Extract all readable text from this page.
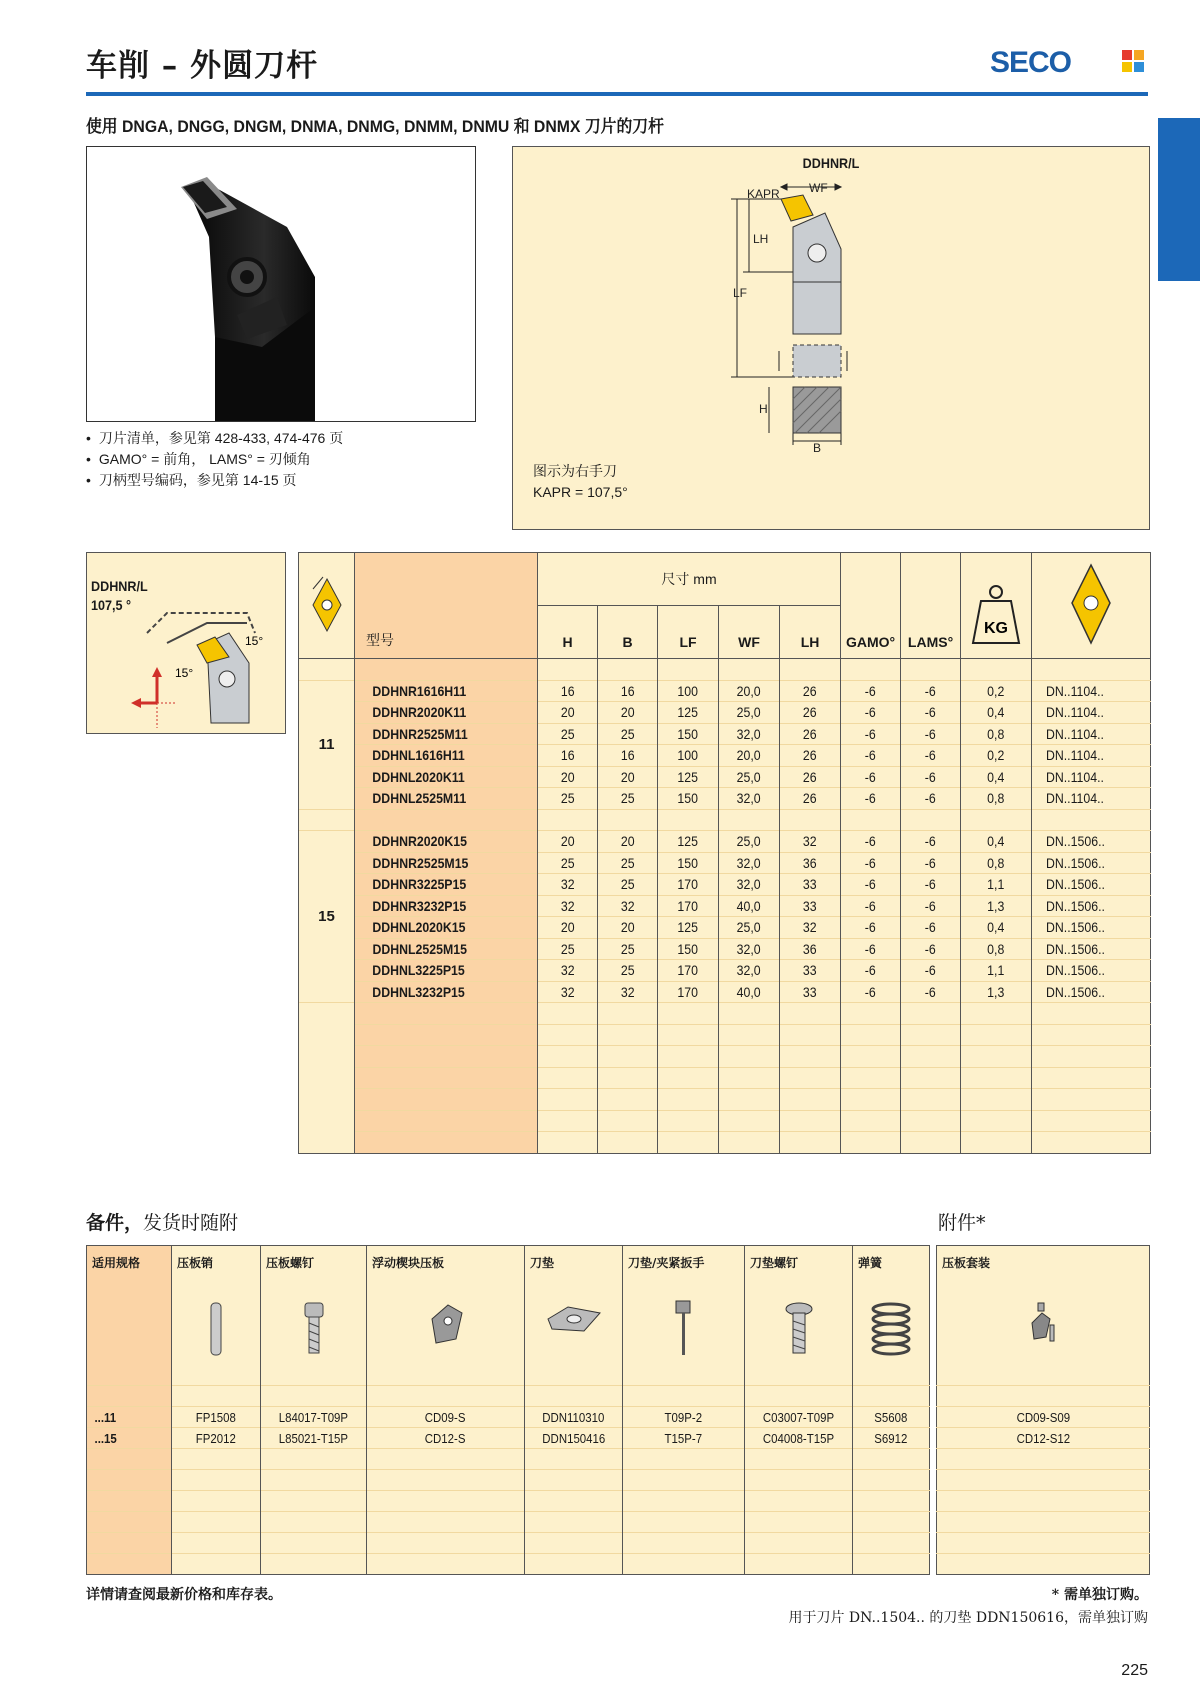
车削 – 外圆刀杆	SECO
使用 DNGA, DNGG, DNGM, DNMA, DNMG, DNMM, DNMU 和 DNMX 刀片的刀杆
• 刀片清单，参见第 428-433, 474-476 页
• GAMO° = 前角， LAMS° = 刃倾角
• 刀柄型号编码，参见第 14-15 页
DDHNR/L
KAPR WF
LH
LF
H
B
图示为右手刀
KAPR = 107,5°
DDHNR/L
107,5 °
15°
15°
	型号	尺寸 mm					GAMO°	LAMS°	KG

		H	B	LF	WF	LH				

11	DDHNR1616H11	16	16	100	20,0	26	-6	-6	0,2	DN..1104..
	DDHNR2020K11	20	20	125	25,0	26	-6	-6	0,4	DN..1104..
	DDHNR2525M11	25	25	150	32,0	26	-6	-6	0,8	DN..1104..
	DDHNL1616H11	16	16	100	20,0	26	-6	-6	0,2	DN..1104..
	DDHNL2020K11	20	20	125	25,0	26	-6	-6	0,4	DN..1104..
	DDHNL2525M11	25	25	150	32,0	26	-6	-6	0,8	DN..1104..

15	DDHNR2020K15	20	20	125	25,0	32	-6	-6	0,4	DN..1506..
	DDHNR2525M15	25	25	150	32,0	36	-6	-6	0,8	DN..1506..
	DDHNR3225P15	32	25	170	32,0	33	-6	-6	1,1	DN..1506..
	DDHNR3232P15	32	32	170	40,0	33	-6	-6	1,3	DN..1506..
	DDHNL2020K15	20	20	125	25,0	32	-6	-6	0,4	DN..1506..
	DDHNL2525M15	25	25	150	32,0	36	-6	-6	0,8	DN..1506..
	DDHNL3225P15	32	25	170	32,0	33	-6	-6	1,1	DN..1506..
	DDHNL3232P15	32	32	170	40,0	33	-6	-6	1,3	DN..1506..

备件，发货时随附	附件*
适用规格	压板销	压板螺钉	浮动楔块压板	刀垫	刀垫/夹紧扳手	刀垫螺钉	弹簧

...11	FP1508	L84017-T09P	CD09-S	DDN110310	T09P-2	C03007-T09P	S5608
...15	FP2012	L85021-T15P	CD12-S	DDN150416	T15P-7	C04008-T15P	S6912

压板套装

CD09-S09
CD12-S12

详情请查阅最新价格和库存表。	* 需单独订购。
用于刀片 DN..1504.. 的刀垫 DDN150616，需单独订购
225
